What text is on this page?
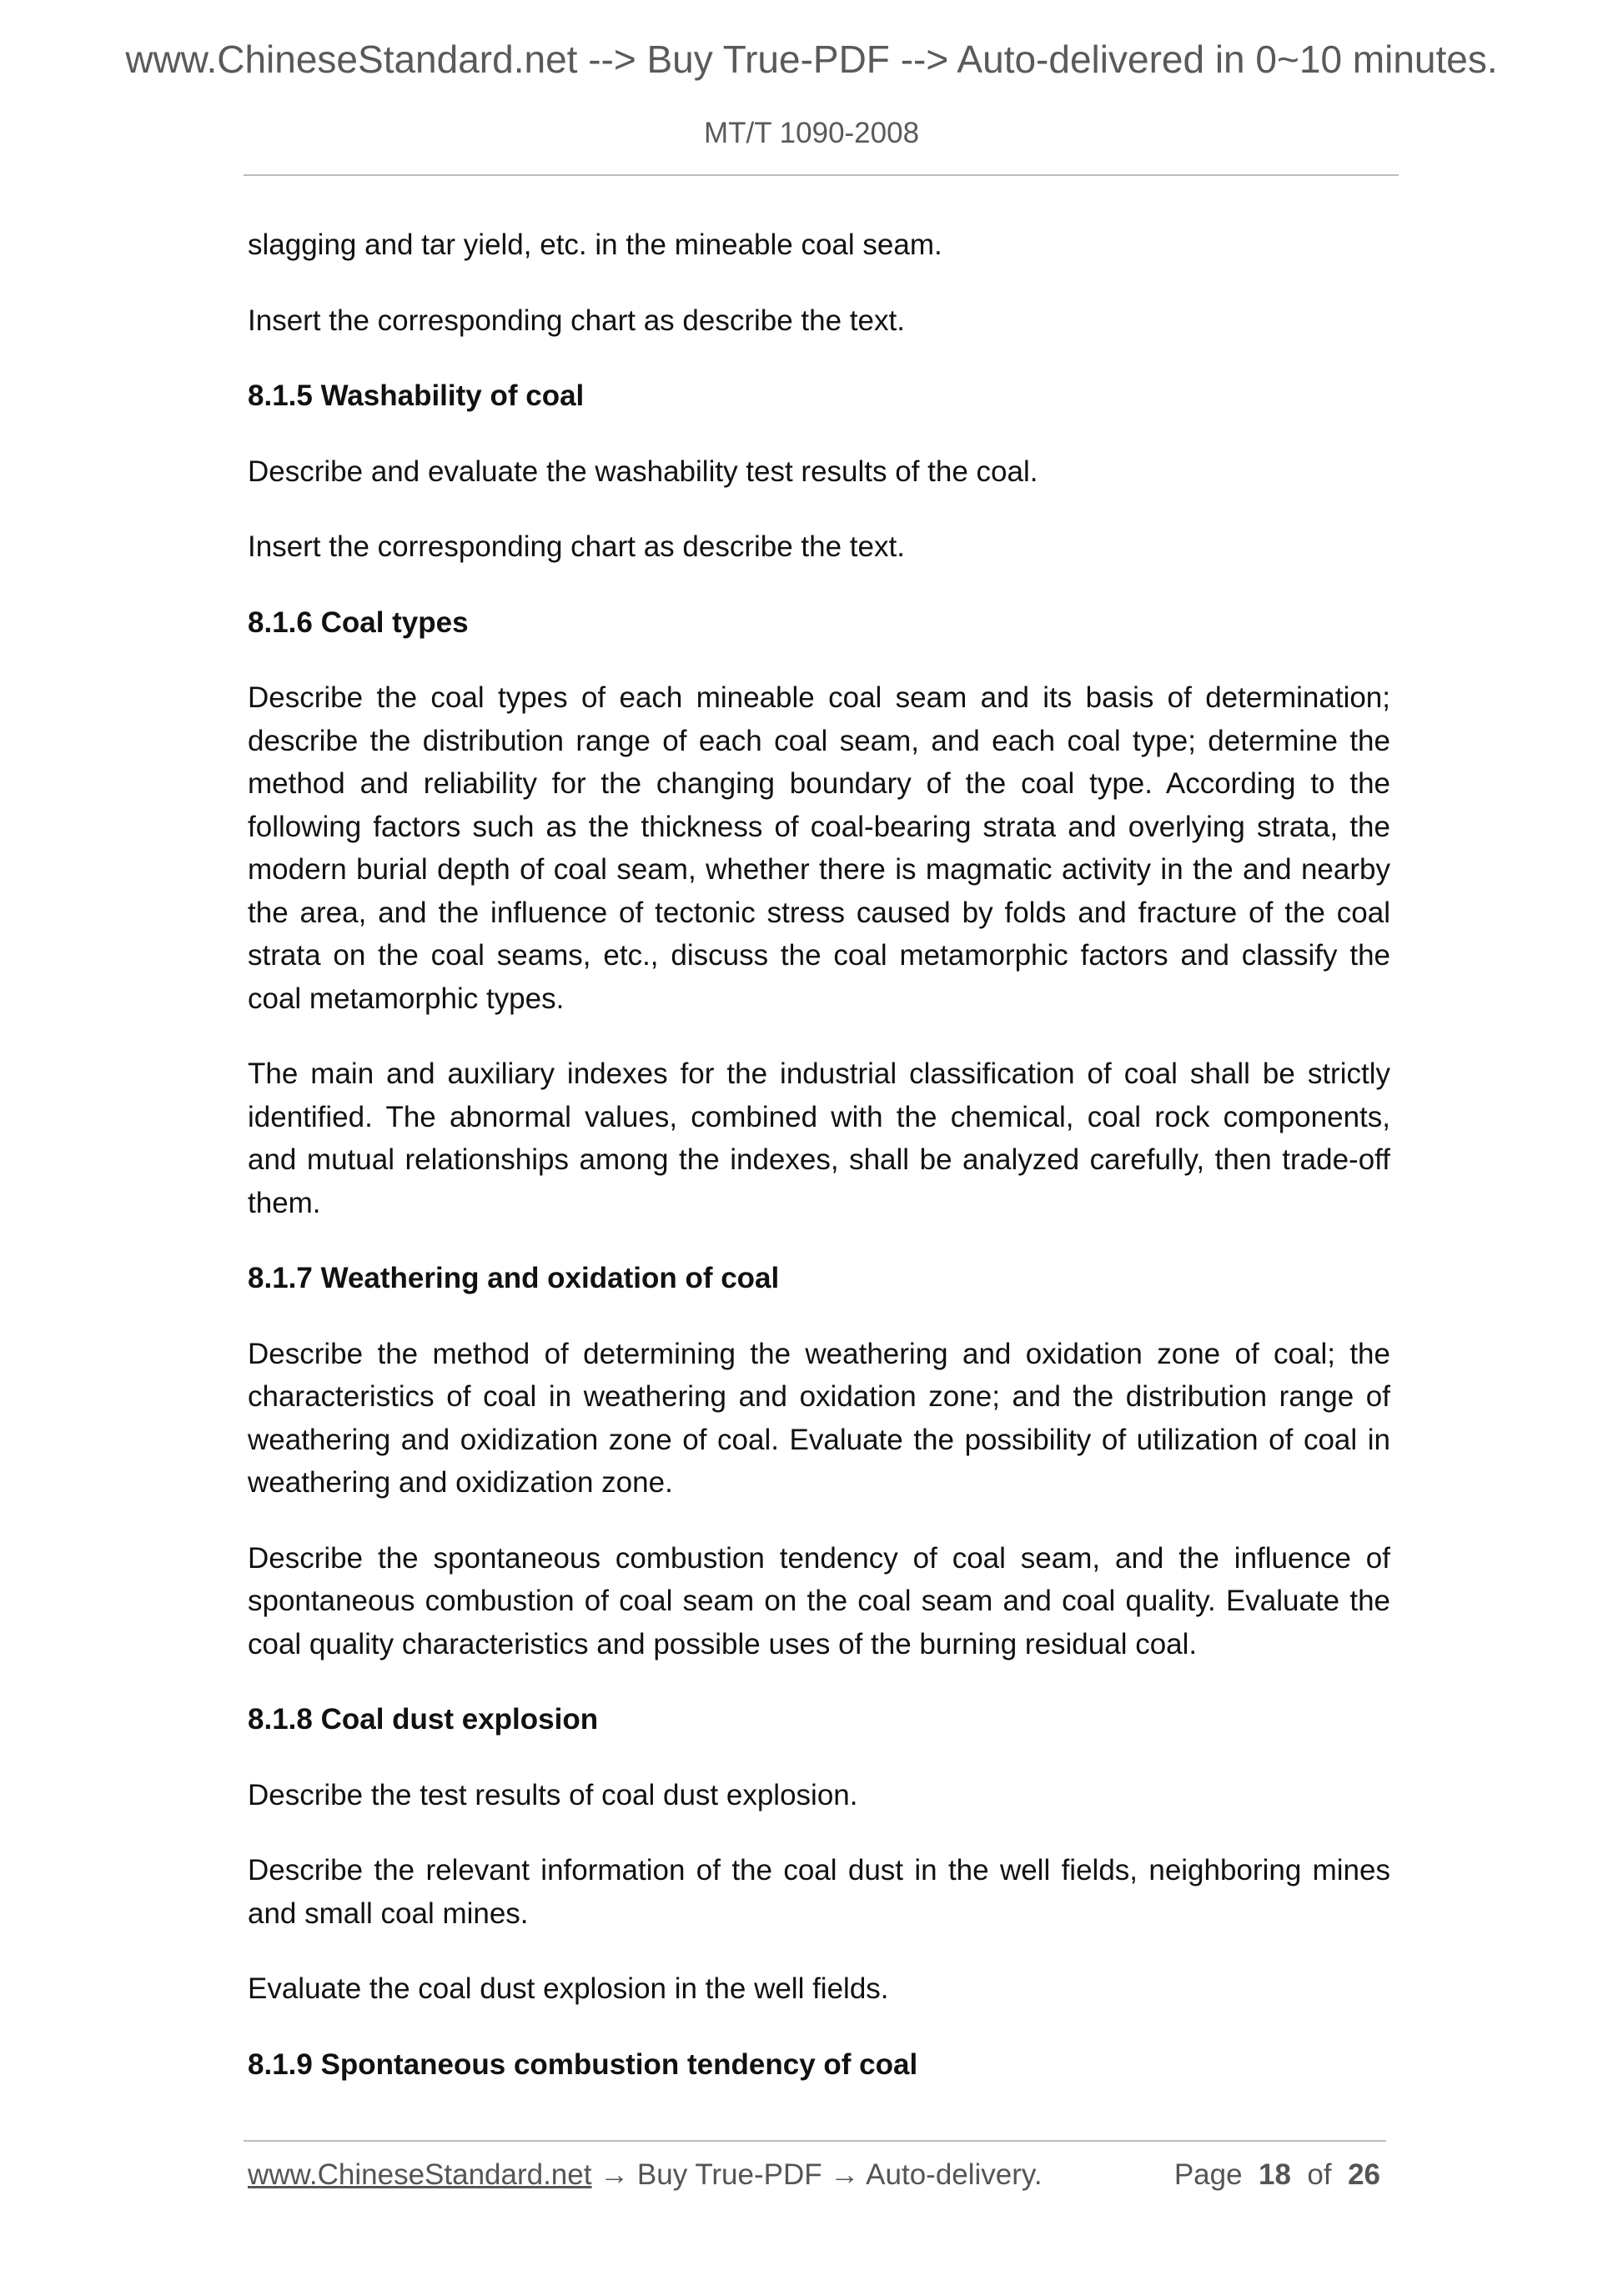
www.ChineseStandard.net --> Buy True-PDF --> Auto-delivered in 0~10 minutes.
MT/T 1090-2008

slagging and tar yield, etc. in the mineable coal seam.

Insert the corresponding chart as describe the text.

8.1.5 Washability of coal

Describe and evaluate the washability test results of the coal.

Insert the corresponding chart as describe the text.

8.1.6 Coal types

Describe the coal types of each mineable coal seam and its basis of determination; describe the distribution range of each coal seam, and each coal type; determine the method and reliability for the changing boundary of the coal type. According to the following factors such as the thickness of coal-bearing strata and overlying strata, the modern burial depth of coal seam, whether there is magmatic activity in the and nearby the area, and the influence of tectonic stress caused by folds and fracture of the coal strata on the coal seams, etc., discuss the coal metamorphic factors and classify the coal metamorphic types.

The main and auxiliary indexes for the industrial classification of coal shall be strictly identified. The abnormal values, combined with the chemical, coal rock components, and mutual relationships among the indexes, shall be analyzed carefully, then trade-off them.

8.1.7 Weathering and oxidation of coal

Describe the method of determining the weathering and oxidation zone of coal; the characteristics of coal in weathering and oxidation zone; and the distribution range of weathering and oxidization zone of coal. Evaluate the possibility of utilization of coal in weathering and oxidization zone.

Describe the spontaneous combustion tendency of coal seam, and the influence of spontaneous combustion of coal seam on the coal seam and coal quality. Evaluate the coal quality characteristics and possible uses of the burning residual coal.

8.1.8 Coal dust explosion

Describe the test results of coal dust explosion.

Describe the relevant information of the coal dust in the well fields, neighboring mines and small coal mines.

Evaluate the coal dust explosion in the well fields.

8.1.9 Spontaneous combustion tendency of coal

www.ChineseStandard.net → Buy True-PDF → Auto-delivery.	Page 18 of 26
